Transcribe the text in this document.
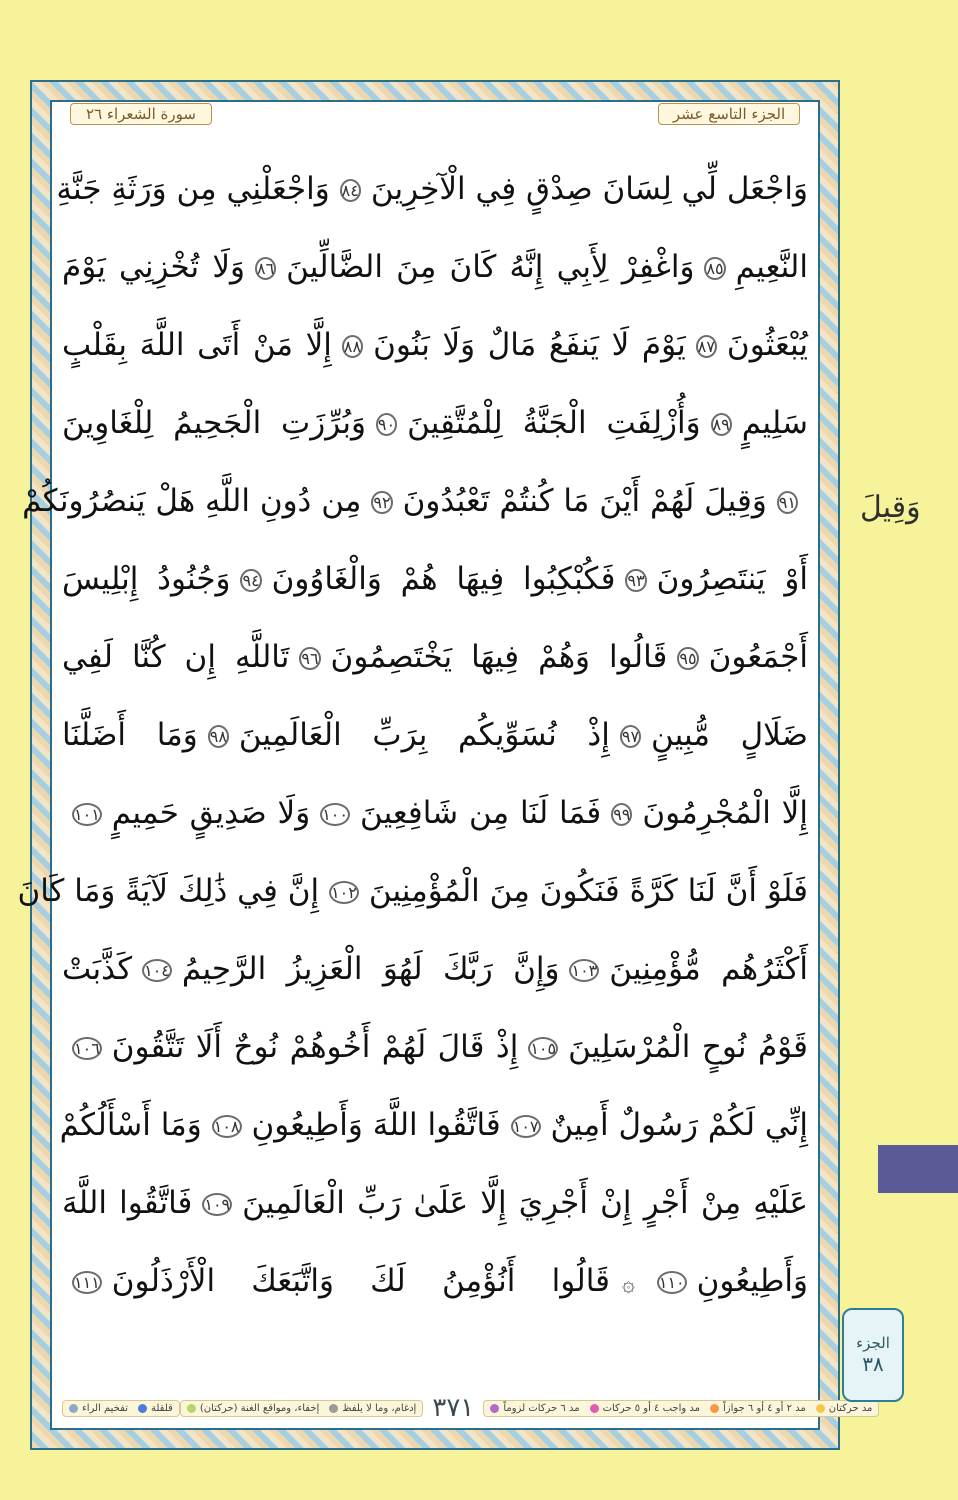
سورة الشعراء ٢٦	الجزء التاسع عشر
وَاجْعَل لِّي لِسَانَ صِدْقٍ فِي الْآخِرِينَ٨٤وَاجْعَلْنِي مِن وَرَثَةِ جَنَّةِ
النَّعِيمِ٨٥وَاغْفِرْ لِأَبِي إِنَّهُ كَانَ مِنَ الضَّالِّينَ٨٦وَلَا تُخْزِنِي يَوْمَ
يُبْعَثُونَ٨٧يَوْمَ لَا يَنفَعُ مَالٌ وَلَا بَنُونَ٨٨إِلَّا مَنْ أَتَى اللَّهَ بِقَلْبٍ
سَلِيمٍ٨٩وَأُزْلِفَتِ الْجَنَّةُ لِلْمُتَّقِينَ٩٠وَبُرِّزَتِ الْجَحِيمُ لِلْغَاوِينَ
٩١وَقِيلَ لَهُمْ أَيْنَ مَا كُنتُمْ تَعْبُدُونَ٩٢مِن دُونِ اللَّهِ هَلْ يَنصُرُونَكُمْ
أَوْ يَنتَصِرُونَ٩٣فَكُبْكِبُوا فِيهَا هُمْ وَالْغَاوُونَ٩٤وَجُنُودُ إِبْلِيسَ
أَجْمَعُونَ٩٥قَالُوا وَهُمْ فِيهَا يَخْتَصِمُونَ٩٦تَاللَّهِ إِن كُنَّا لَفِي
ضَلَالٍ مُّبِينٍ٩٧إِذْ نُسَوِّيكُم بِرَبِّ الْعَالَمِينَ٩٨وَمَا أَضَلَّنَا
إِلَّا الْمُجْرِمُونَ٩٩فَمَا لَنَا مِن شَافِعِينَ١٠٠وَلَا صَدِيقٍ حَمِيمٍ١٠١
فَلَوْ أَنَّ لَنَا كَرَّةً فَنَكُونَ مِنَ الْمُؤْمِنِينَ١٠٢إِنَّ فِي ذَٰلِكَ لَآيَةً وَمَا كَانَ
أَكْثَرُهُم مُّؤْمِنِينَ١٠٣وَإِنَّ رَبَّكَ لَهُوَ الْعَزِيزُ الرَّحِيمُ١٠٤كَذَّبَتْ
قَوْمُ نُوحٍ الْمُرْسَلِينَ١٠٥إِذْ قَالَ لَهُمْ أَخُوهُمْ نُوحٌ أَلَا تَتَّقُونَ١٠٦
إِنِّي لَكُمْ رَسُولٌ أَمِينٌ١٠٧فَاتَّقُوا اللَّهَ وَأَطِيعُونِ١٠٨وَمَا أَسْأَلُكُمْ
عَلَيْهِ مِنْ أَجْرٍ إِنْ أَجْرِيَ إِلَّا عَلَىٰ رَبِّ الْعَالَمِينَ١٠٩فَاتَّقُوا اللَّهَ
وَأَطِيعُونِ١١٠۞قَالُوا أَنُؤْمِنُ لَكَ وَاتَّبَعَكَ الْأَرْذَلُونَ١١١
تفخيم الراء قلقلة	إخفاء، ومواقع الغنة (حركتان) إدغام، وما لا يلفظ ٣٧١	مد ٦ حركات لزوماً مد واجب ٤ أو ٥ حركات مد ٢ أو ٤ أو ٦ جوازاً مد حركتان
وَقِيلَ
الجزء
٣٨
